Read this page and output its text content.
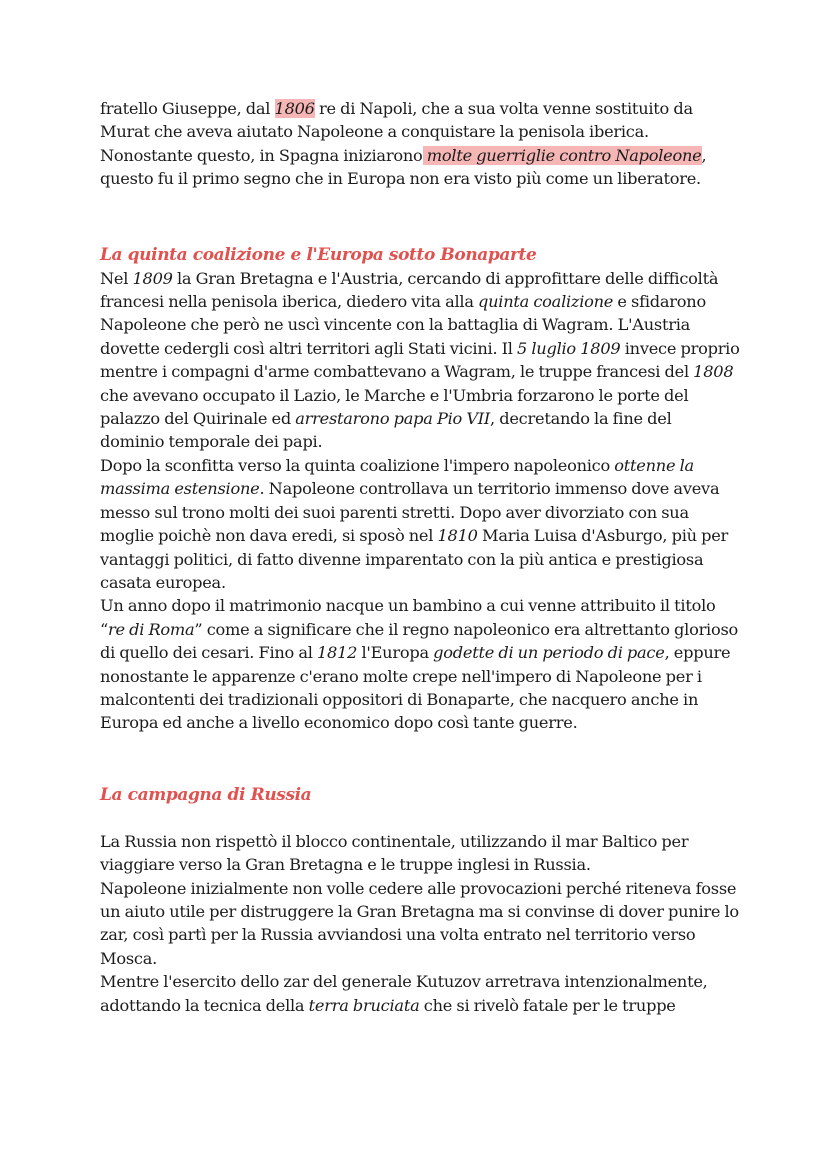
fratello Giuseppe, dal 1806 re di Napoli, che a sua volta venne sostituito da Murat che aveva aiutato Napoleone a conquistare la penisola iberica. Nonostante questo, in Spagna iniziarono molte guerriglie contro Napoleone, questo fu il primo segno che in Europa non era visto più come un liberatore.

La quinta coalizione e l'Europa sotto Bonaparte

Nel 1809 la Gran Bretagna e l'Austria, cercando di approfittare delle difficoltà francesi nella penisola iberica, diedero vita alla quinta coalizione e sfidarono Napoleone che però ne uscì vincente con la battaglia di Wagram. L'Austria dovette cedergli così altri territori agli Stati vicini. Il 5 luglio 1809 invece proprio mentre i compagni d'arme combattevano a Wagram, le truppe francesi del 1808 che avevano occupato il Lazio, le Marche e l'Umbria forzarono le porte del palazzo del Quirinale ed arrestarono papa Pio VII, decretando la fine del dominio temporale dei papi.

Dopo la sconfitta verso la quinta coalizione l'impero napoleonico ottenne la massima estensione. Napoleone controllava un territorio immenso dove aveva messo sul trono molti dei suoi parenti stretti. Dopo aver divorziato con sua moglie poichè non dava eredi, si sposò nel 1810 Maria Luisa d'Asburgo, più per vantaggi politici, di fatto divenne imparentato con la più antica e prestigiosa casata europea.

Un anno dopo il matrimonio nacque un bambino a cui venne attribuito il titolo “re di Roma” come a significare che il regno napoleonico era altrettanto glorioso di quello dei cesari. Fino al 1812 l'Europa godette di un periodo di pace, eppure nonostante le apparenze c'erano molte crepe nell'impero di Napoleone per i malcontenti dei tradizionali oppositori di Bonaparte, che nacquero anche in Europa ed anche a livello economico dopo così tante guerre.

La campagna di Russia

La Russia non rispettò il blocco continentale, utilizzando il mar Baltico per viaggiare verso la Gran Bretagna e le truppe inglesi in Russia.

Napoleone inizialmente non volle cedere alle provocazioni perché riteneva fosse un aiuto utile per distruggere la Gran Bretagna ma si convinse di dover punire lo zar, così partì per la Russia avviandosi una volta entrato nel territorio verso Mosca.

Mentre l'esercito dello zar del generale Kutuzov arretrava intenzionalmente, adottando la tecnica della terra bruciata che si rivelò fatale per le truppe
